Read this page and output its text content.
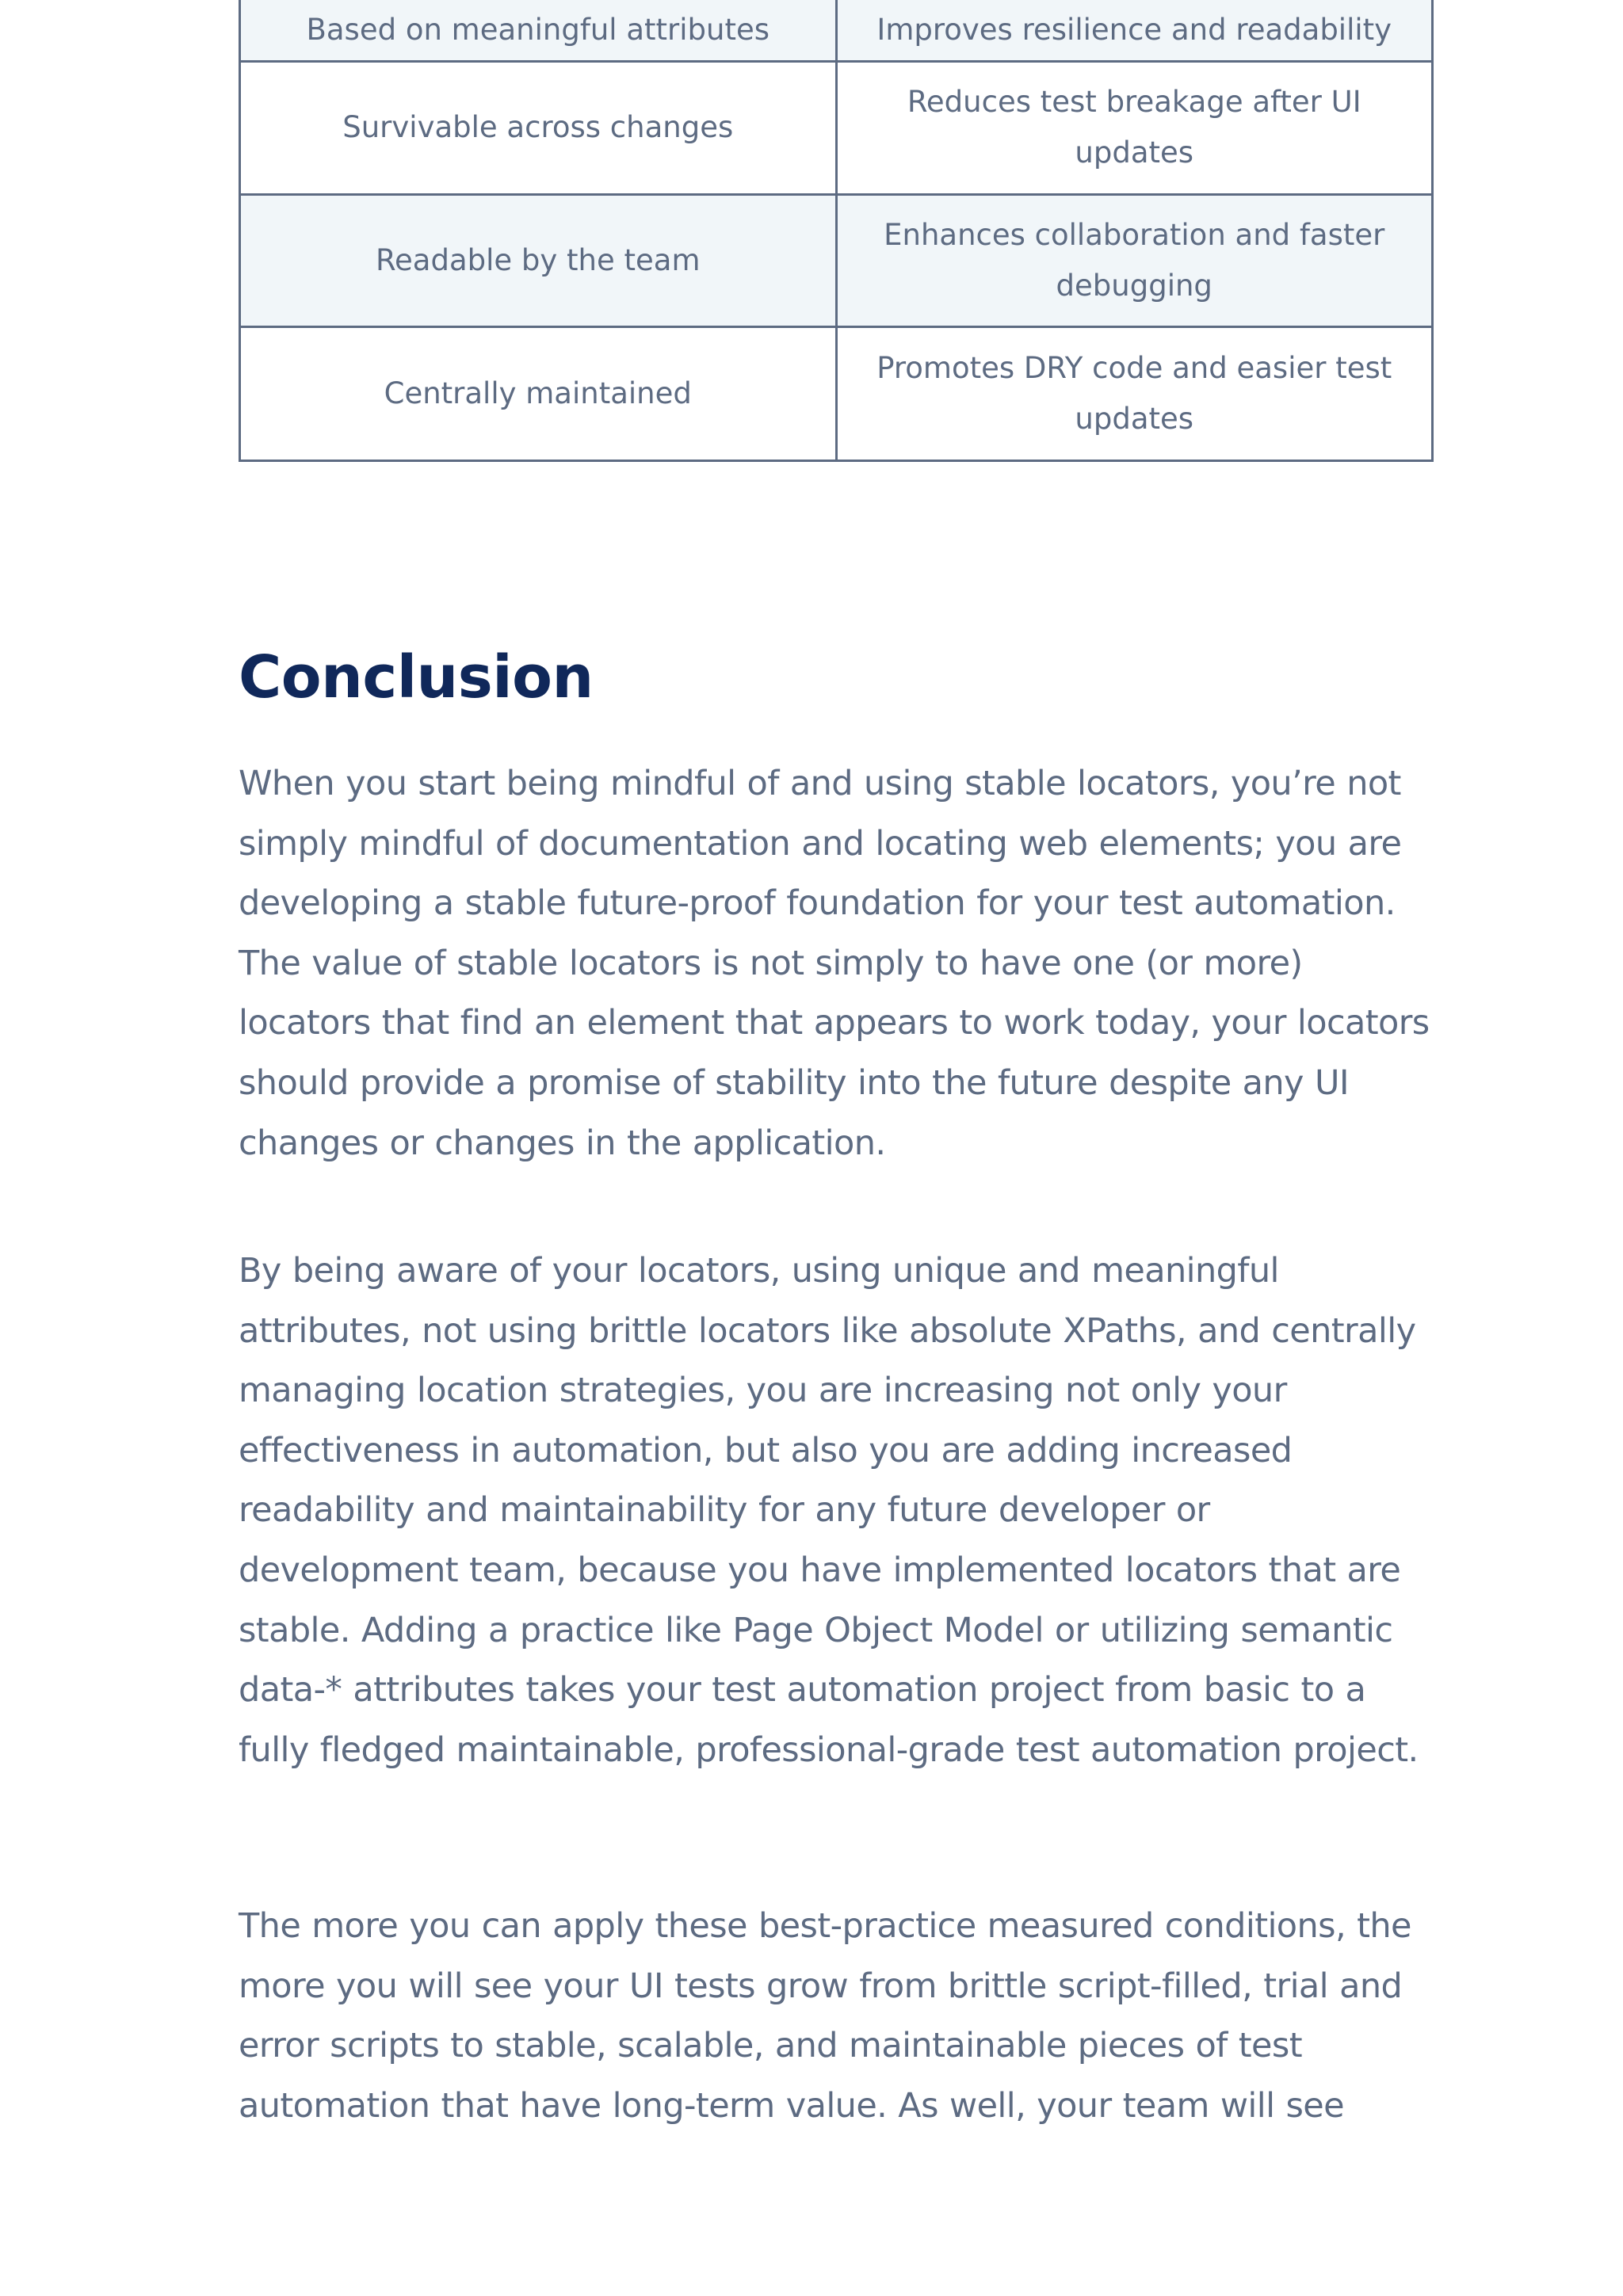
Based on meaningful attributes	Improves resilience and readability
Survivable across changes	Reduces test breakage after UI updates
Readable by the team	Enhances collaboration and faster debugging
Centrally maintained	Promotes DRY code and easier test updates
Conclusion

When you start being mindful of and using stable locators, you’re not simply mindful of documentation and locating web elements; you are developing a stable future-proof foundation for your test automation. The value of stable locators is not simply to have one (or more) locators that find an element that appears to work today, your locators should provide a promise of stability into the future despite any UI changes or changes in the application.

By being aware of your locators, using unique and meaningful attributes, not using brittle locators like absolute XPaths, and centrally managing location strategies, you are increasing not only your effectiveness in automation, but also you are adding increased readability and maintainability for any future developer or development team, because you have implemented locators that are stable. Adding a practice like Page Object Model or utilizing semantic data-* attributes takes your test automation project from basic to a fully fledged maintainable, professional-grade test automation project.

The more you can apply these best-practice measured conditions, the more you will see your UI tests grow from brittle script-filled, trial and error scripts to stable, scalable, and maintainable pieces of test automation that have long-term value. As well, your team will see
